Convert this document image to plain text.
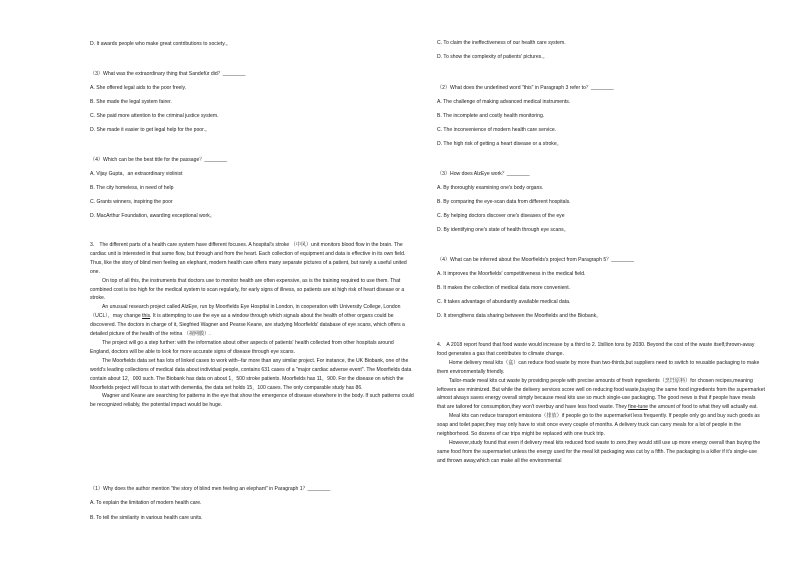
D. It awards people who make great contributions to society.。
（3）What was the extraordinary thing that Sandefür did？________
A. She offered legal aids to the poor freely.
B. She made the legal system fairer.
C. She paid more attention to the criminal justice system.
D. She made it easier to get legal help for the poor.。
（4）Which can be the best title for the passage？________
A. Vijay Gupta，an extraordinary violinist
B. The city homeless, in need of help
C. Grants winners, inspiring the poor
D. MacArthur Foundation, awarding exceptional work。

3.　The different parts of a health care system have different focuses. A hospital's stroke （中风）unit monitors blood flow in the brain. The cardiac unit is interested in that same flow, but through and from the heart. Each collection of equipment and data is effective in its own field. Thus, like the story of blind men feeling an elephant, modern health care offers many separate pictures of a patient, but rarely a useful united one.

On top of all this, the instruments that doctors use to monitor health are often expensive, as is the training required to use them. That combined cost is too high for the medical system to scan regularly, for early signs of illness, so patients are at high risk of heart disease or a stroke.

An unusual research project called AlzEye, run by Moorfields Eye Hospital in London, in cooperation with University College, London （UCL），may change this. It is attempting to use the eye as a window through which signals about the health of other organs could be discovered. The doctors in charge of it, Siegfried Wagner and Pearse Keane, are studying Moorfields' database of eye scans, which offers a detailed picture of the health of the retina （视网膜）.

The project will go a step further: with the information about other aspects of patients' health collected from other hospitals around England, doctors will be able to look for more accurate signs of disease through eye scans.

The Moorfields data set has lots of linked cases to work with--far more than any similar project. For instance, the UK Biobank, one of the world's leading collections of medical data about individual people, contains 631 cases of a "major cardiac adverse event". The Moorfields data contain about 12，000 such. The Biobank has data on about 1，500 stroke patients. Moorfields has 11，900. For the disease on which the Moorfields project will focus to start with dementia, the data set holds 15，100 cases. The only comparable study has 86.

Wagner and Keane are searching for patterns in the eye that show the emergence of disease elsewhere in the body. If such patterns could be recognized reliably, the potential impact would be huge.

（1）Why does the author mention "the story of blind men feeling an elephant" in Paragraph 1？________
A. To explain the limitation of modern health care.
B. To tell the similarity in various health care units.
C. To claim the ineffectiveness of our health care system.
D. To show the complexity of patients' pictures.。
（2）What does the underlined word "this" in Paragraph 3 refer to？________
A. The challenge of making advanced medical instruments.
B. The incomplete and costly health monitoring.
C. The inconvenience of modern health care service.
D. The high risk of getting a heart disease or a stroke。
（3）How does AlzEye work？________
A. By thoroughly examining one's body organs.
B. By comparing the eye-scan data from different hospitals.
C. By helping doctors discover one's diseases of the eye
D. By identifying one's state of health through eye scans。
（4）What can be inferred about the Moorfields's project from Paragraph 5？________
A. It improves the Moorfields' competitiveness in the medical field.
B. It makes the collection of medical data more convenient.
C. It takes advantage of abundantly available medical data.
D. It strengthens data sharing between the Moorfields and the Biobank。

4.　A 2018 report found that food waste would increase by a third to 2. 1billion tons by 2030. Beyond the cost of the waste itself,thrown-away food generates a gas that contributes to climate change.

Home delivery meal kits（盒）can reduce food waste by more than two-thirds,but suppliers need to switch to reusable packaging to make them environmentally friendly.

Tailor-made meal kits cut waste by providing people with precise amounts of fresh ingredients（烹饪原料）for chosen recipes,meaning leftovers are minimized. But while the delivery services score well on reducing food waste,buying the same food ingredients from the supermarket almost always saves energy overall simply because meal kits use so much single-use packaging. The good news is that if people have meals that are tailored for consumption,they won't overbuy and have less food waste. They fine-tune the amount of food to what they will actually eat.

Meal kits can reduce transport emissions（排放）if people go to the supermarket less frequently. If people only go and buy such goods as soap and toilet paper,they may only have to visit once every couple of months. A delivery truck can carry meals for a lot of people in the neighborhood. So dozens of car trips might be replaced with one truck trip.

However,study found that even if delivery meal kits reduced food waste to zero,they would still use up more energy overall than buying the same food from the supermarket unless the energy used for the meal kit packaging was cut by a fifth. The packaging is a killer if it's single-use and thrown away,which can make all the environmental
